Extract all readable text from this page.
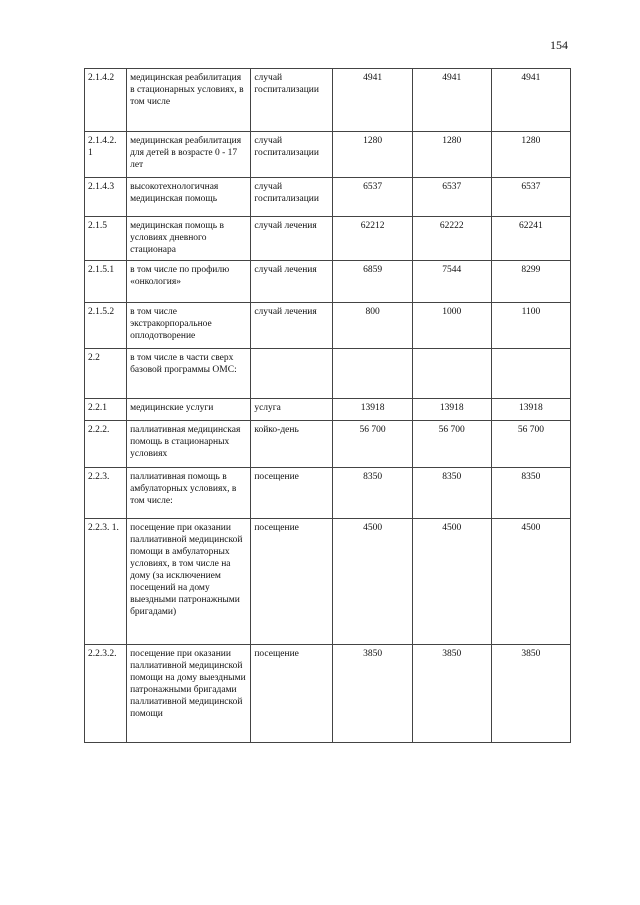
154
2.1.4.2	медицинская реабилитация в стационарных условиях, в том числе	случай госпитализации	4941	4941	4941
2.1.4.2. 1	медицинская реабилитация для детей в возрасте 0 - 17 лет	случай госпитализации	1280	1280	1280
2.1.4.3	высокотехнологичная медицинская помощь	случай госпитализации	6537	6537	6537
2.1.5	медицинская помощь в условиях дневного стационара	случай лечения	62212	62222	62241
2.1.5.1	в том числе по профилю «онкология»	случай лечения	6859	7544	8299
2.1.5.2	в том числе экстракорпоральное оплодотворение	случай лечения	800	1000	1100
2.2	в том числе в части сверх базовой программы ОМС:				
2.2.1	медицинские услуги	услуга	13918	13918	13918
2.2.2.	паллиативная медицинская помощь в стационарных условиях	койко-день	56 700	56 700	56 700
2.2.3.	паллиативная помощь в амбулаторных условиях, в том числе:	посещение	8350	8350	8350
2.2.3. 1.	посещение при оказании паллиативной медицинской помощи в амбулаторных условиях, в том числе на дому (за исключением посещений на дому выездными патронажными бригадами)	посещение	4500	4500	4500
2.2.3.2.	посещение при оказании паллиативной медицинской помощи на дому выездными патронажными бригадами паллиативной медицинской помощи	посещение	3850	3850	3850
